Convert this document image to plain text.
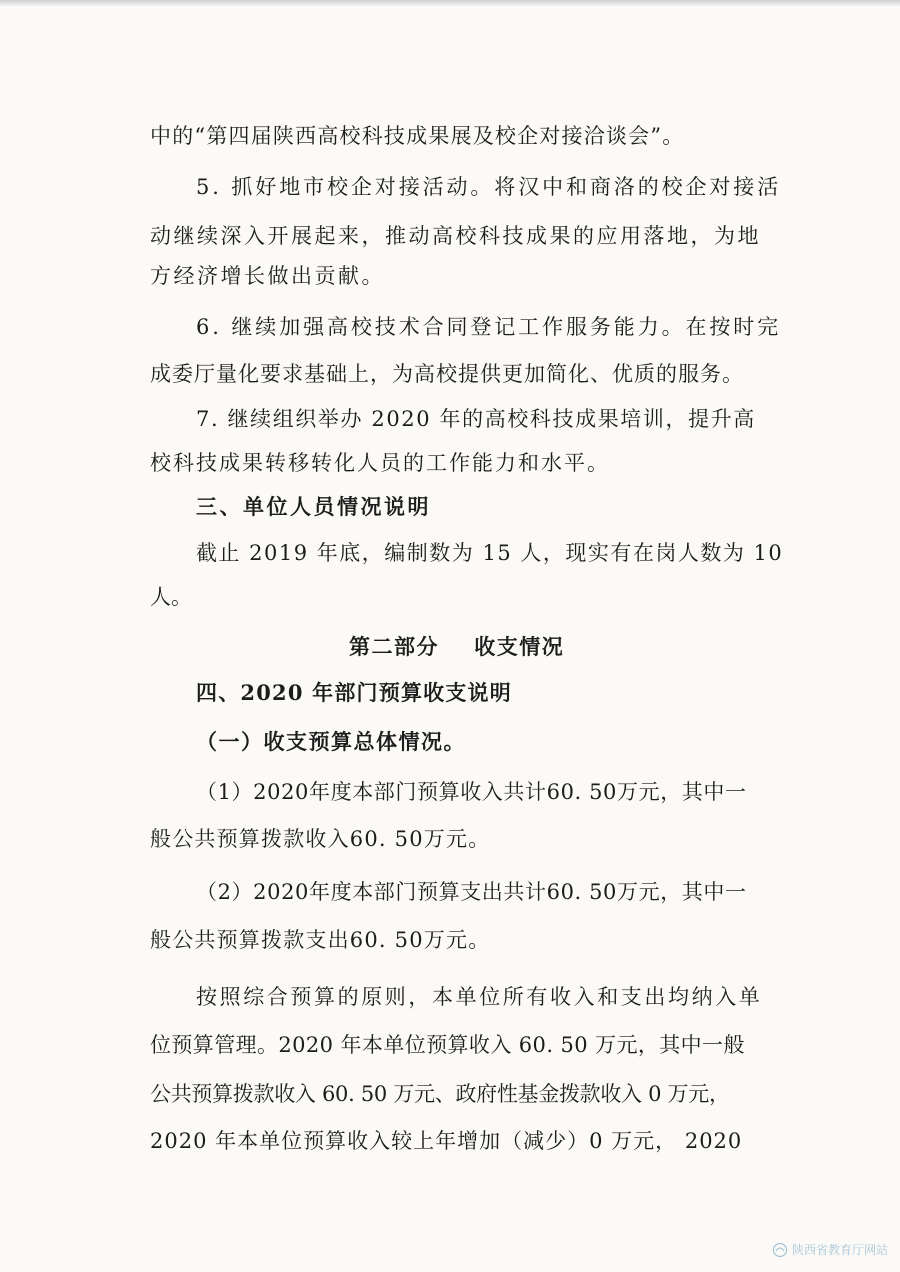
中的“第四届陕西高校科技成果展及校企对接洽谈会”。
5. 抓好地市校企对接活动。将汉中和商洛的校企对接活
动继续深入开展起来，推动高校科技成果的应用落地，为地
方经济增长做出贡献。
6. 继续加强高校技术合同登记工作服务能力。在按时完
成委厅量化要求基础上，为高校提供更加简化、优质的服务。
7. 继续组织举办 2020 年的高校科技成果培训，提升高
校科技成果转移转化人员的工作能力和水平。
三、单位人员情况说明
截止 2019 年底，编制数为 15 人，现实有在岗人数为 10
人。
第二部分    收支情况
四、2020 年部门预算收支说明
（一）收支预算总体情况。
（1）2020年度本部门预算收入共计60. 50万元，其中一
般公共预算拨款收入60. 50万元。
（2）2020年度本部门预算支出共计60. 50万元，其中一
般公共预算拨款支出60. 50万元。
按照综合预算的原则，本单位所有收入和支出均纳入单
位预算管理。2020 年本单位预算收入 60. 50 万元，其中一般
公共预算拨款收入 60. 50 万元、政府性基金拨款收入 0 万元，
2020 年本单位预算收入较上年增加（减少）0 万元， 2020
陕西省教育厅网站
